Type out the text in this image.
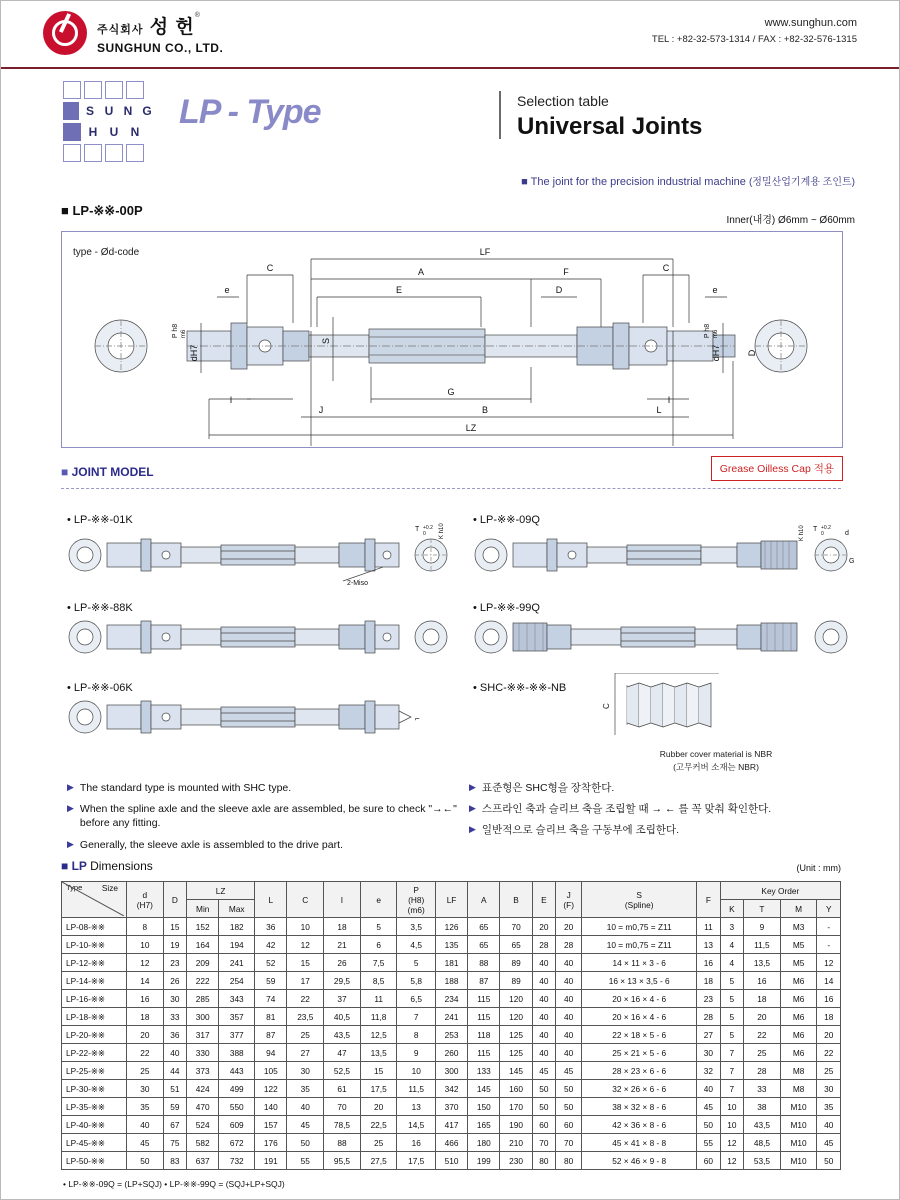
주식회사 성 헌®
SUNGHUN CO., LTD.
www.sunghun.com
TEL : +82-32-573-1314 / FAX : +82-32-576-1315
S U N G
H	U	N
LP - Type	Selection table
Universal Joints
■ The joint for the precision industrial machine (정밀산업기계용 조인트)
■ LP-※※-00P
Inner(내경) Ø6mm ~ Ø60mm
type - Ød-code	LF
A	F
C	C
E	D
e	e
S
dH7	dH7	D
P h8 m6	P h8 m6
I	I
G
J	B	L
LZ
■ JOINT MODEL	Grease Oilless Cap 적용
• LP-※※-01K
2-Miso
T +0.2
0 K h10
• LP-※※-09Q
T +0.2
0
K h10	d
G
• LP-※※-88K	• LP-※※-99Q
• LP-※※-06K
⌐
• SHC-※※-※※-NB
C
Rubber cover material is NBR
(고무커버 소재는 NBR)
▶ The standard type is mounted with SHC type.
▶ When the spline axle and the sleeve axle are assembled, be sure to check "→←" before any fitting.
▶ Generally, the sleeve axle is assembled to the drive part.
▶ 표준형은 SHC형을 장착한다.
▶ 스프라인 축과 슬리브 축을 조립할 때 → ← 를 꼭 맞춰 확인한다.
▶ 일반적으로 슬리브 축을 구동부에 조립한다.
■ LP Dimensions	(Unit : mm)
Type Size
	d
(H7)	D	LZ	L	C	I	e	P
(H8)
(m6)	LF	A	B	E	J
(F)	S
(Spline)	F	Key Order
			Min	Max													K	T	M	Y
LP-08-※※	8	15	152	182	36	10	18	5	3,5	126	65	70	20	20	10 = m0,75 = Z11	11	3	9	M3	-
LP-10-※※	10	19	164	194	42	12	21	6	4,5	135	65	65	28	28	10 = m0,75 = Z11	13	4	11,5	M5	-
LP-12-※※	12	23	209	241	52	15	26	7,5	5	181	88	89	40	40	14 × 11 × 3 - 6	16	4	13,5	M5	12
LP-14-※※	14	26	222	254	59	17	29,5	8,5	5,8	188	87	89	40	40	16 × 13 × 3,5 - 6	18	5	16	M6	14
LP-16-※※	16	30	285	343	74	22	37	11	6,5	234	115	120	40	40	20 × 16 × 4 - 6	23	5	18	M6	16
LP-18-※※	18	33	300	357	81	23,5	40,5	11,8	7	241	115	120	40	40	20 × 16 × 4 - 6	28	5	20	M6	18
LP-20-※※	20	36	317	377	87	25	43,5	12,5	8	253	118	125	40	40	22 × 18 × 5 - 6	27	5	22	M6	20
LP-22-※※	22	40	330	388	94	27	47	13,5	9	260	115	125	40	40	25 × 21 × 5 - 6	30	7	25	M6	22
LP-25-※※	25	44	373	443	105	30	52,5	15	10	300	133	145	45	45	28 × 23 × 6 - 6	32	7	28	M8	25
LP-30-※※	30	51	424	499	122	35	61	17,5	11,5	342	145	160	50	50	32 × 26 × 6 - 6	40	7	33	M8	30
LP-35-※※	35	59	470	550	140	40	70	20	13	370	150	170	50	50	38 × 32 × 8 - 6	45	10	38	M10	35
LP-40-※※	40	67	524	609	157	45	78,5	22,5	14,5	417	165	190	60	60	42 × 36 × 8 - 6	50	10	43,5	M10	40
LP-45-※※	45	75	582	672	176	50	88	25	16	466	180	210	70	70	45 × 41 × 8 - 8	55	12	48,5	M10	45
LP-50-※※	50	83	637	732	191	55	95,5	27,5	17,5	510	199	230	80	80	52 × 46 × 9 - 8	60	12	53,5	M10	50
• LP-※※-09Q = (LP+SQJ) • LP-※※-99Q = (SQJ+LP+SQJ)
